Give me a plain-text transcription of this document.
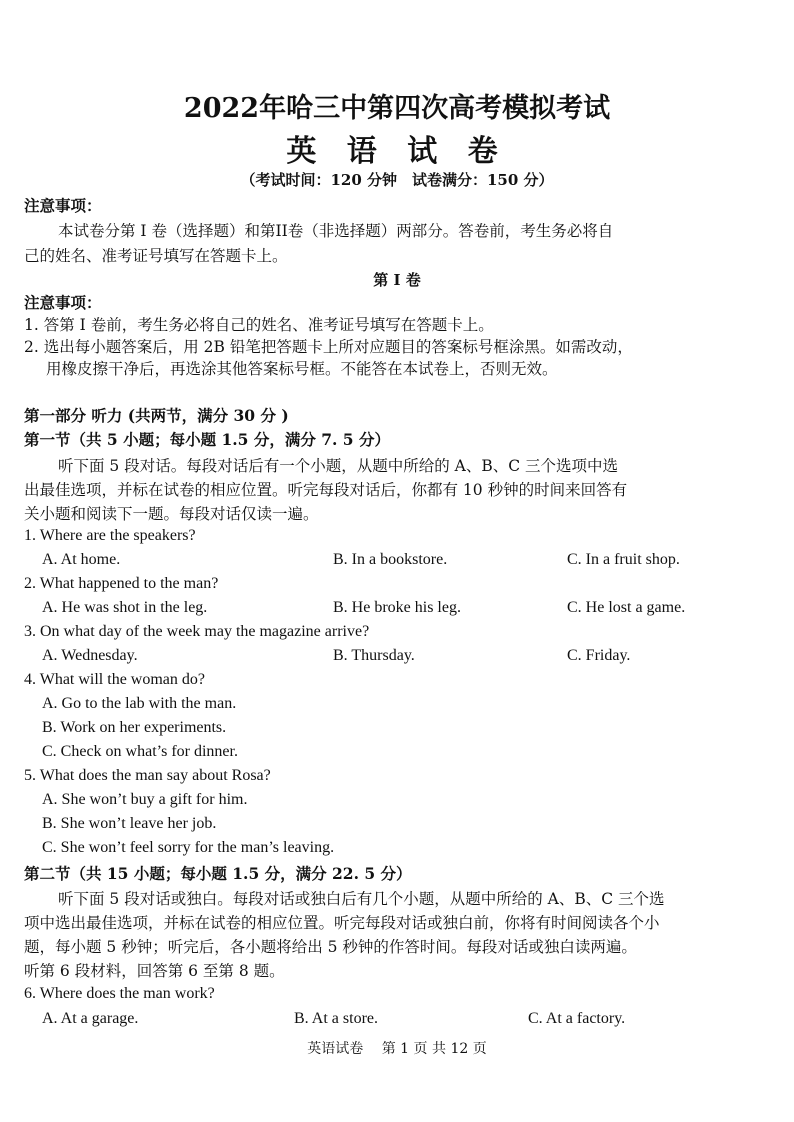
2022年哈三中第四次高考模拟考试
英 语 试 卷
（考试时间：120 分钟　试卷满分：150 分）
注意事项：
本试卷分第 I 卷（选择题）和第II卷（非选择题）两部分。答卷前，考生务必将自
己的姓名、准考证号填写在答题卡上。
第 I 卷
注意事项：
1. 答第 I 卷前，考生务必将自己的姓名、准考证号填写在答题卡上。
2. 选出每小题答案后，用 2B 铅笔把答题卡上所对应题目的答案标号框涂黑。如需改动，
用橡皮擦干净后，再选涂其他答案标号框。不能答在本试卷上，否则无效。
第一部分 听力 (共两节，满分 30 分 )
第一节（共 5 小题；每小题 1.5 分，满分 7. 5 分）
听下面 5 段对话。每段对话后有一个小题，从题中所给的 A、B、C 三个选项中选
出最佳选项，并标在试卷的相应位置。听完每段对话后，你都有 10 秒钟的时间来回答有
关小题和阅读下一题。每段对话仅读一遍。
1. Where are the speakers?
A. At home.	B. In a bookstore.	C. In a fruit shop.
2. What happened to the man?
A. He was shot in the leg.	B. He broke his leg.	C. He lost a game.
3. On what day of the week may the magazine arrive?
A. Wednesday.	B. Thursday.	C. Friday.
4. What will the woman do?
A. Go to the lab with the man.
B. Work on her experiments.
C. Check on what’s for dinner.
5. What does the man say about Rosa?
A. She won’t buy a gift for him.
B. She won’t leave her job.
C. She won’t feel sorry for the man’s leaving.
第二节（共 15 小题；每小题 1.5 分，满分 22. 5 分）
听下面 5 段对话或独白。每段对话或独白后有几个小题，从题中所给的 A、B、C 三个选
项中选出最佳选项，并标在试卷的相应位置。听完每段对话或独白前，你将有时间阅读各个小
题，每小题 5 秒钟；听完后，各小题将给出 5 秒钟的作答时间。每段对话或独白读两遍。
听第 6 段材料，回答第 6 至第 8 题。
6. Where does the man work?
A. At a garage.	B. At a store.	C. At a factory.
英语试卷　 第 1 页 共 12 页
